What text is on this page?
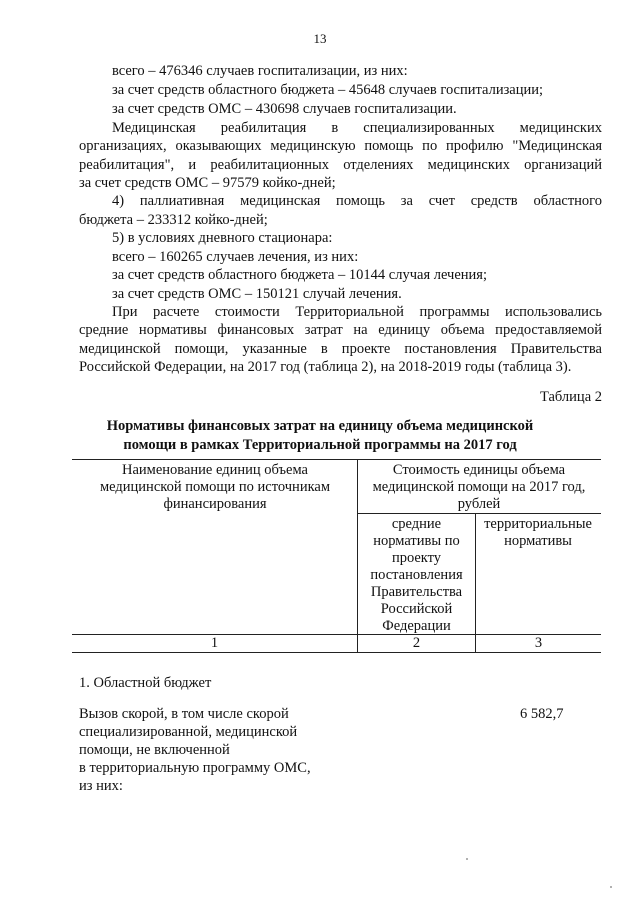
13
всего – 476346 случаев госпитализации, из них:
за счет средств областного бюджета – 45648 случаев госпитализации;
за счет средств ОМС – 430698 случаев госпитализации.
Медицинская реабилитация в специализированных медицинских
организациях, оказывающих медицинскую помощь по профилю "Медицинская
реабилитация", и реабилитационных отделениях медицинских организаций
за счет средств ОМС – 97579 койко-дней;
4) паллиативная медицинская помощь за счет средств областного
бюджета – 233312 койко-дней;
5) в условиях дневного стационара:
всего – 160265 случаев лечения, из них:
за счет средств областного бюджета – 10144 случая лечения;
за счет средств ОМС – 150121 случай лечения.
При расчете стоимости Территориальной программы использовались
средние нормативы финансовых затрат на единицу объема предоставляемой
медицинской помощи, указанные в проекте постановления Правительства
Российской Федерации, на 2017 год (таблица 2), на 2018-2019 годы (таблица 3).
Таблица 2
Нормативы финансовых затрат на единицу объема медицинской
помощи в рамках Территориальной программы на 2017 год
Наименование единиц объема медицинской помощи по источникам финансирования
Стоимость единицы объема медицинской помощи на 2017 год, рублей
средние нормативы по проекту постановления Правительства Российской Федерации
территориальные нормативы
1	2	3
1. Областной бюджет
Вызов скорой, в том числе скорой
специализированной, медицинской
помощи, не включенной
в территориальную программу ОМС,
из них:
6 582,7
